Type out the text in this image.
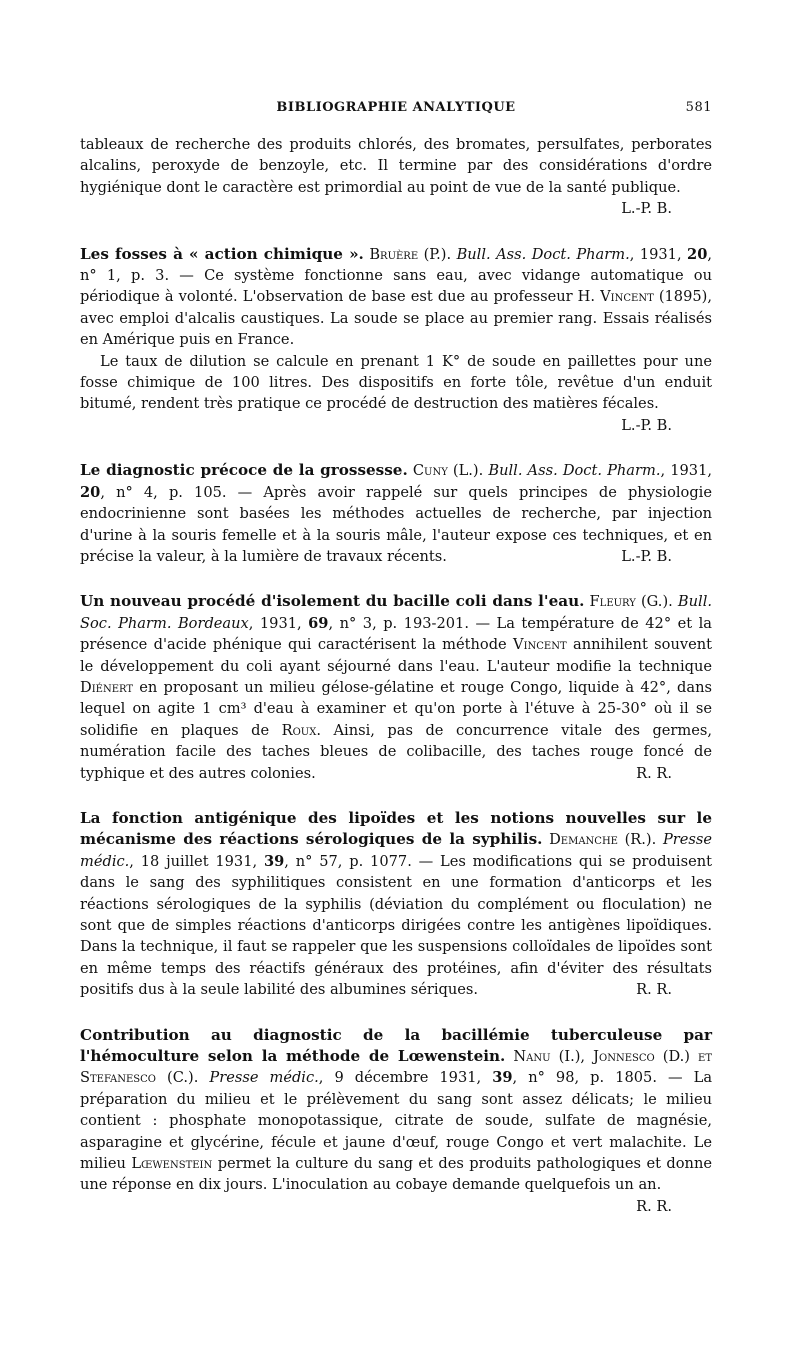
BIBLIOGRAPHIE ANALYTIQUE	581

tableaux de recherche des produits chlorés, des bromates, persulfates, perborates alcalins, peroxyde de benzoyle, etc. Il termine par des considérations d'ordre hygiénique dont le caractère est primordial au point de vue de la santé publique.
L.-P. B.

Les fosses à « action chimique ». Bruère (P.). Bull. Ass. Doct. Pharm., 1931, 20, n° 1, p. 3. — Ce système fonctionne sans eau, avec vidange automatique ou périodique à volonté. L'observation de base est due au professeur H. Vincent (1895), avec emploi d'alcalis caustiques. La soude se place au premier rang. Essais réalisés en Amérique puis en France.

Le taux de dilution se calcule en prenant 1 K° de soude en paillettes pour une fosse chimique de 100 litres. Des dispositifs en forte tôle, revêtue d'un enduit bitumé, rendent très pratique ce procédé de destruction des matières fécales.
L.-P. B.

Le diagnostic précoce de la grossesse. Cuny (L.). Bull. Ass. Doct. Pharm., 1931, 20, n° 4, p. 105. — Après avoir rappelé sur quels principes de physiologie endocrinienne sont basées les méthodes actuelles de recherche, par injection d'urine à la souris femelle et à la souris mâle, l'auteur expose ces techniques, et en précise la valeur, à la lumière de travaux récents.	L.-P. B.

Un nouveau procédé d'isolement du bacille coli dans l'eau. Fleury (G.). Bull. Soc. Pharm. Bordeaux, 1931, 69, n° 3, p. 193-201. — La température de 42° et la présence d'acide phénique qui caractérisent la méthode Vincent annihilent souvent le développement du coli ayant séjourné dans l'eau. L'auteur modifie la technique Diénert en proposant un milieu gélose-gélatine et rouge Congo, liquide à 42°, dans lequel on agite 1 cm³ d'eau à examiner et qu'on porte à l'étuve à 25-30° où il se solidifie en plaques de Roux. Ainsi, pas de concurrence vitale des germes, numération facile des taches bleues de colibacille, des taches rouge foncé de typhique et des autres colonies.	R. R.

La fonction antigénique des lipoïdes et les notions nouvelles sur le mécanisme des réactions sérologiques de la syphilis. Demanche (R.). Presse médic., 18 juillet 1931, 39, n° 57, p. 1077. — Les modifications qui se produisent dans le sang des syphilitiques consistent en une formation d'anticorps et les réactions sérologiques de la syphilis (déviation du complément ou floculation) ne sont que de simples réactions d'anticorps dirigées contre les antigènes lipoïdiques. Dans la technique, il faut se rappeler que les suspensions colloïdales de lipoïdes sont en même temps des réactifs généraux des protéines, afin d'éviter des résultats positifs dus à la seule labilité des albumines sériques.	R. R.

Contribution au diagnostic de la bacillémie tuberculeuse par l'hémoculture selon la méthode de Lœwenstein. Nanu (I.), Jonnesco (D.) et Stefanesco (C.). Presse médic., 9 décembre 1931, 39, n° 98, p. 1805. — La préparation du milieu et le prélèvement du sang sont assez délicats; le milieu contient : phosphate monopotassique, citrate de soude, sulfate de magnésie, asparagine et glycérine, fécule et jaune d'œuf, rouge Congo et vert malachite. Le milieu Lœwenstein permet la culture du sang et des produits pathologiques et donne une réponse en dix jours. L'inoculation au cobaye demande quelquefois un an.
R. R.
